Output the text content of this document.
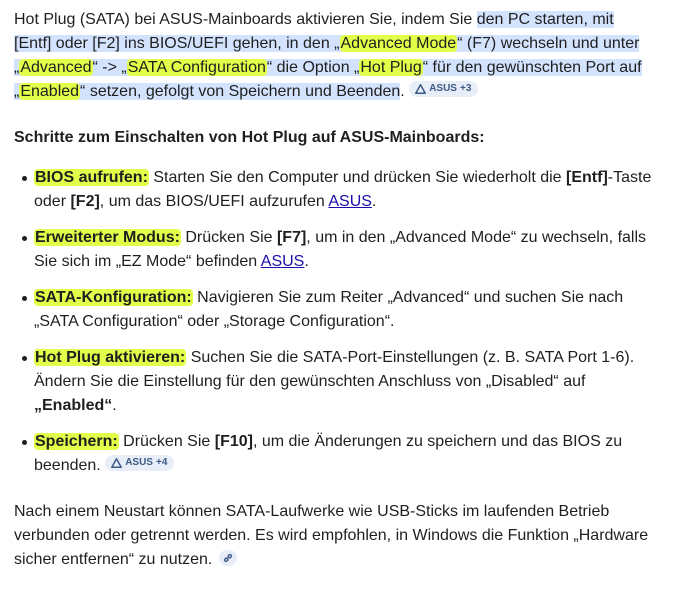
Hot Plug (SATA) bei ASUS-Mainboards aktivieren Sie, indem Sie den PC starten, mit [Entf] oder [F2] ins BIOS/UEFI gehen, in den „Advanced Mode“ (F7) wechseln und unter „Advanced“ -> „SATA Configuration“ die Option „Hot Plug“ für den gewünschten Port auf „Enabled“ setzen, gefolgt von Speichern und Beenden. ASUS +3

Schritte zum Einschalten von Hot Plug auf ASUS-Mainboards:
BIOS aufrufen: Starten Sie den Computer und drücken Sie wiederholt die [Entf]-Taste oder [F2], um das BIOS/UEFI aufzurufen ASUS.
Erweiterter Modus: Drücken Sie [F7], um in den „Advanced Mode“ zu wechseln, falls Sie sich im „EZ Mode“ befinden ASUS.
SATA-Konfiguration: Navigieren Sie zum Reiter „Advanced“ und suchen Sie nach „SATA Configuration“ oder „Storage Configuration“.
Hot Plug aktivieren: Suchen Sie die SATA-Port-Einstellungen (z. B. SATA Port 1-6). Ändern Sie die Einstellung für den gewünschten Anschluss von „Disabled“ auf „Enabled“.
Speichern: Drücken Sie [F10], um die Änderungen zu speichern und das BIOS zu beenden. ASUS +4

Nach einem Neustart können SATA-Laufwerke wie USB-Sticks im laufenden Betrieb verbunden oder getrennt werden. Es wird empfohlen, in Windows die Funktion „Hardware sicher entfernen“ zu nutzen.
